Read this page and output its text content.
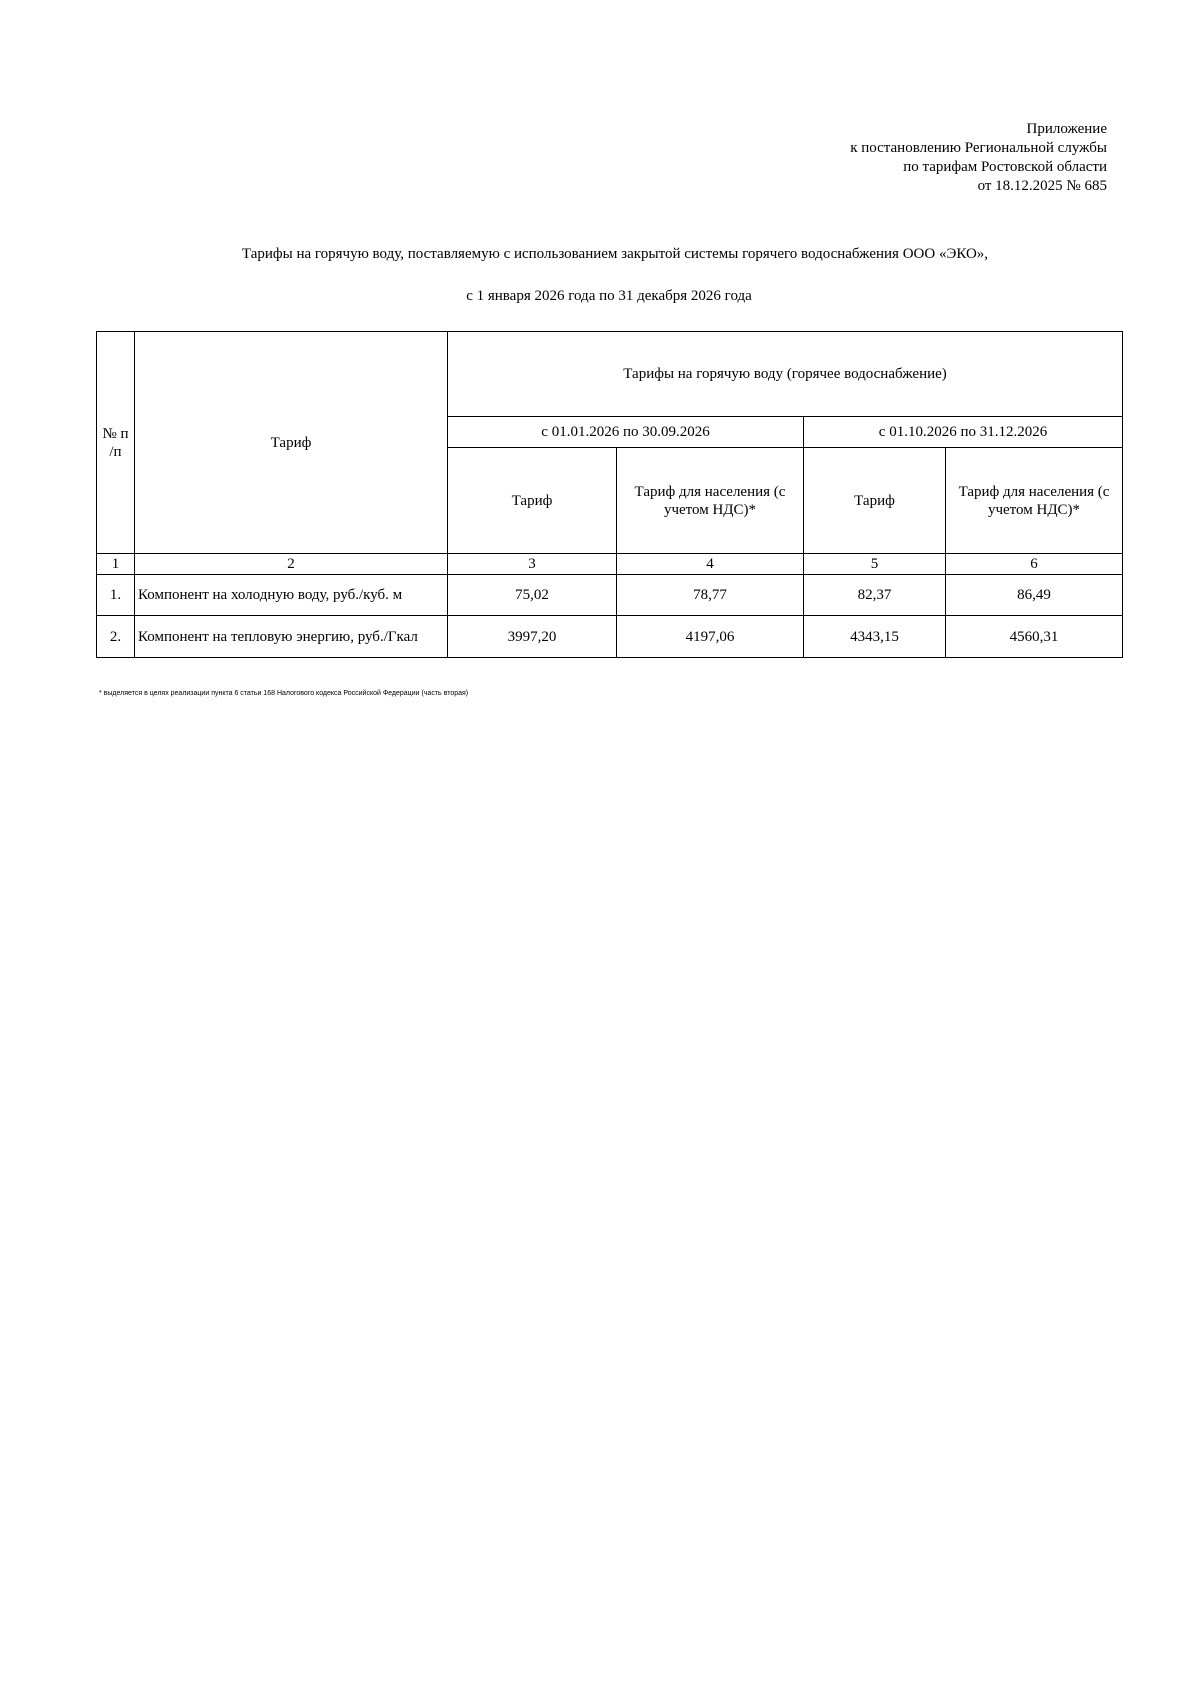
Приложение
к постановлению Региональной службы
по тарифам Ростовской области
от 18.12.2025 № 685
Тарифы на горячую воду, поставляемую с использованием закрытой системы горячего водоснабжения ООО «ЭКО»,
с 1 января 2026 года по 31 декабря 2026 года
№ п /п	Тариф	Тарифы на горячую воду (горячее водоснабжение)			
		с 01.01.2026 по 30.09.2026		с 01.10.2026 по 31.12.2026	
		Тариф	Тариф для населения (с учетом НДС)*	Тариф	Тариф для населения (с учетом НДС)*
1	2	3	4	5	6
1.	Компонент на холодную воду, руб./куб. м	75,02	78,77	82,37	86,49
2.	Компонент на тепловую энергию, руб./Гкал	3997,20	4197,06	4343,15	4560,31
* выделяется в целях реализации пункта 6 статьи 168 Налогового кодекса Российской Федерации (часть вторая)
